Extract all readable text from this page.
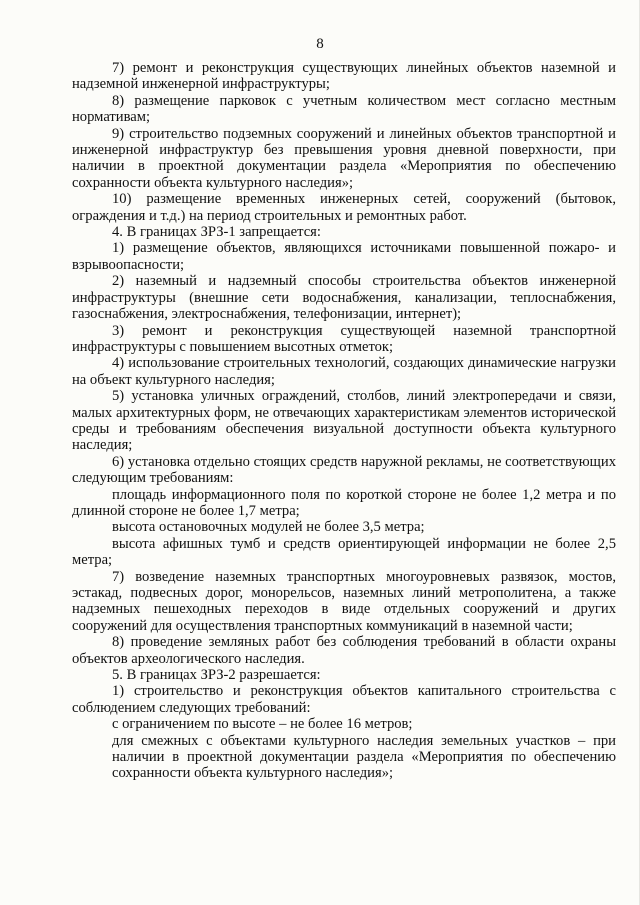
8

7) ремонт и реконструкция существующих линейных объектов наземной и надземной инженерной инфраструктуры;

8) размещение парковок с учетным количеством мест согласно местным нормативам;

9) строительство подземных сооружений и линейных объектов транспортной и инженерной инфраструктур без превышения уровня дневной поверхности, при наличии в проектной документации раздела «Мероприятия по обеспечению сохранности объекта культурного наследия»;

10) размещение временных инженерных сетей, сооружений (бытовок, ограждения и т.д.) на период строительных и ремонтных работ.

4. В границах ЗРЗ-1 запрещается:

1) размещение объектов, являющихся источниками повышенной пожаро- и взрывоопасности;

2) наземный и надземный способы строительства объектов инженерной инфраструктуры (внешние сети водоснабжения, канализации, теплоснабжения, газоснабжения, электроснабжения, телефонизации, интернет);

3) ремонт и реконструкция существующей наземной транспортной инфраструктуры с повышением высотных отметок;

4) использование строительных технологий, создающих динамические нагрузки на объект культурного наследия;

5) установка уличных ограждений, столбов, линий электропередачи и связи, малых архитектурных форм, не отвечающих характеристикам элементов исторической среды и требованиям обеспечения визуальной доступности объекта культурного наследия;

6) установка отдельно стоящих средств наружной рекламы, не соответствующих следующим требованиям:

площадь информационного поля по короткой стороне не более 1,2 метра и по длинной стороне не более 1,7 метра;

высота остановочных модулей не более 3,5 метра;

высота афишных тумб и средств ориентирующей информации не более 2,5 метра;

7) возведение наземных транспортных многоуровневых развязок, мостов, эстакад, подвесных дорог, монорельсов, наземных линий метрополитена, а также надземных пешеходных переходов в виде отдельных сооружений и других сооружений для осуществления транспортных коммуникаций в наземной части;

8) проведение земляных работ без соблюдения требований в области охраны объектов археологического наследия.

5. В границах ЗРЗ-2 разрешается:

1) строительство и реконструкция объектов капитального строительства с соблюдением следующих требований:

с ограничением по высоте – не более 16 метров;

для смежных с объектами культурного наследия земельных участков – при наличии в проектной документации раздела «Мероприятия по обеспечению сохранности объекта культурного наследия»;
